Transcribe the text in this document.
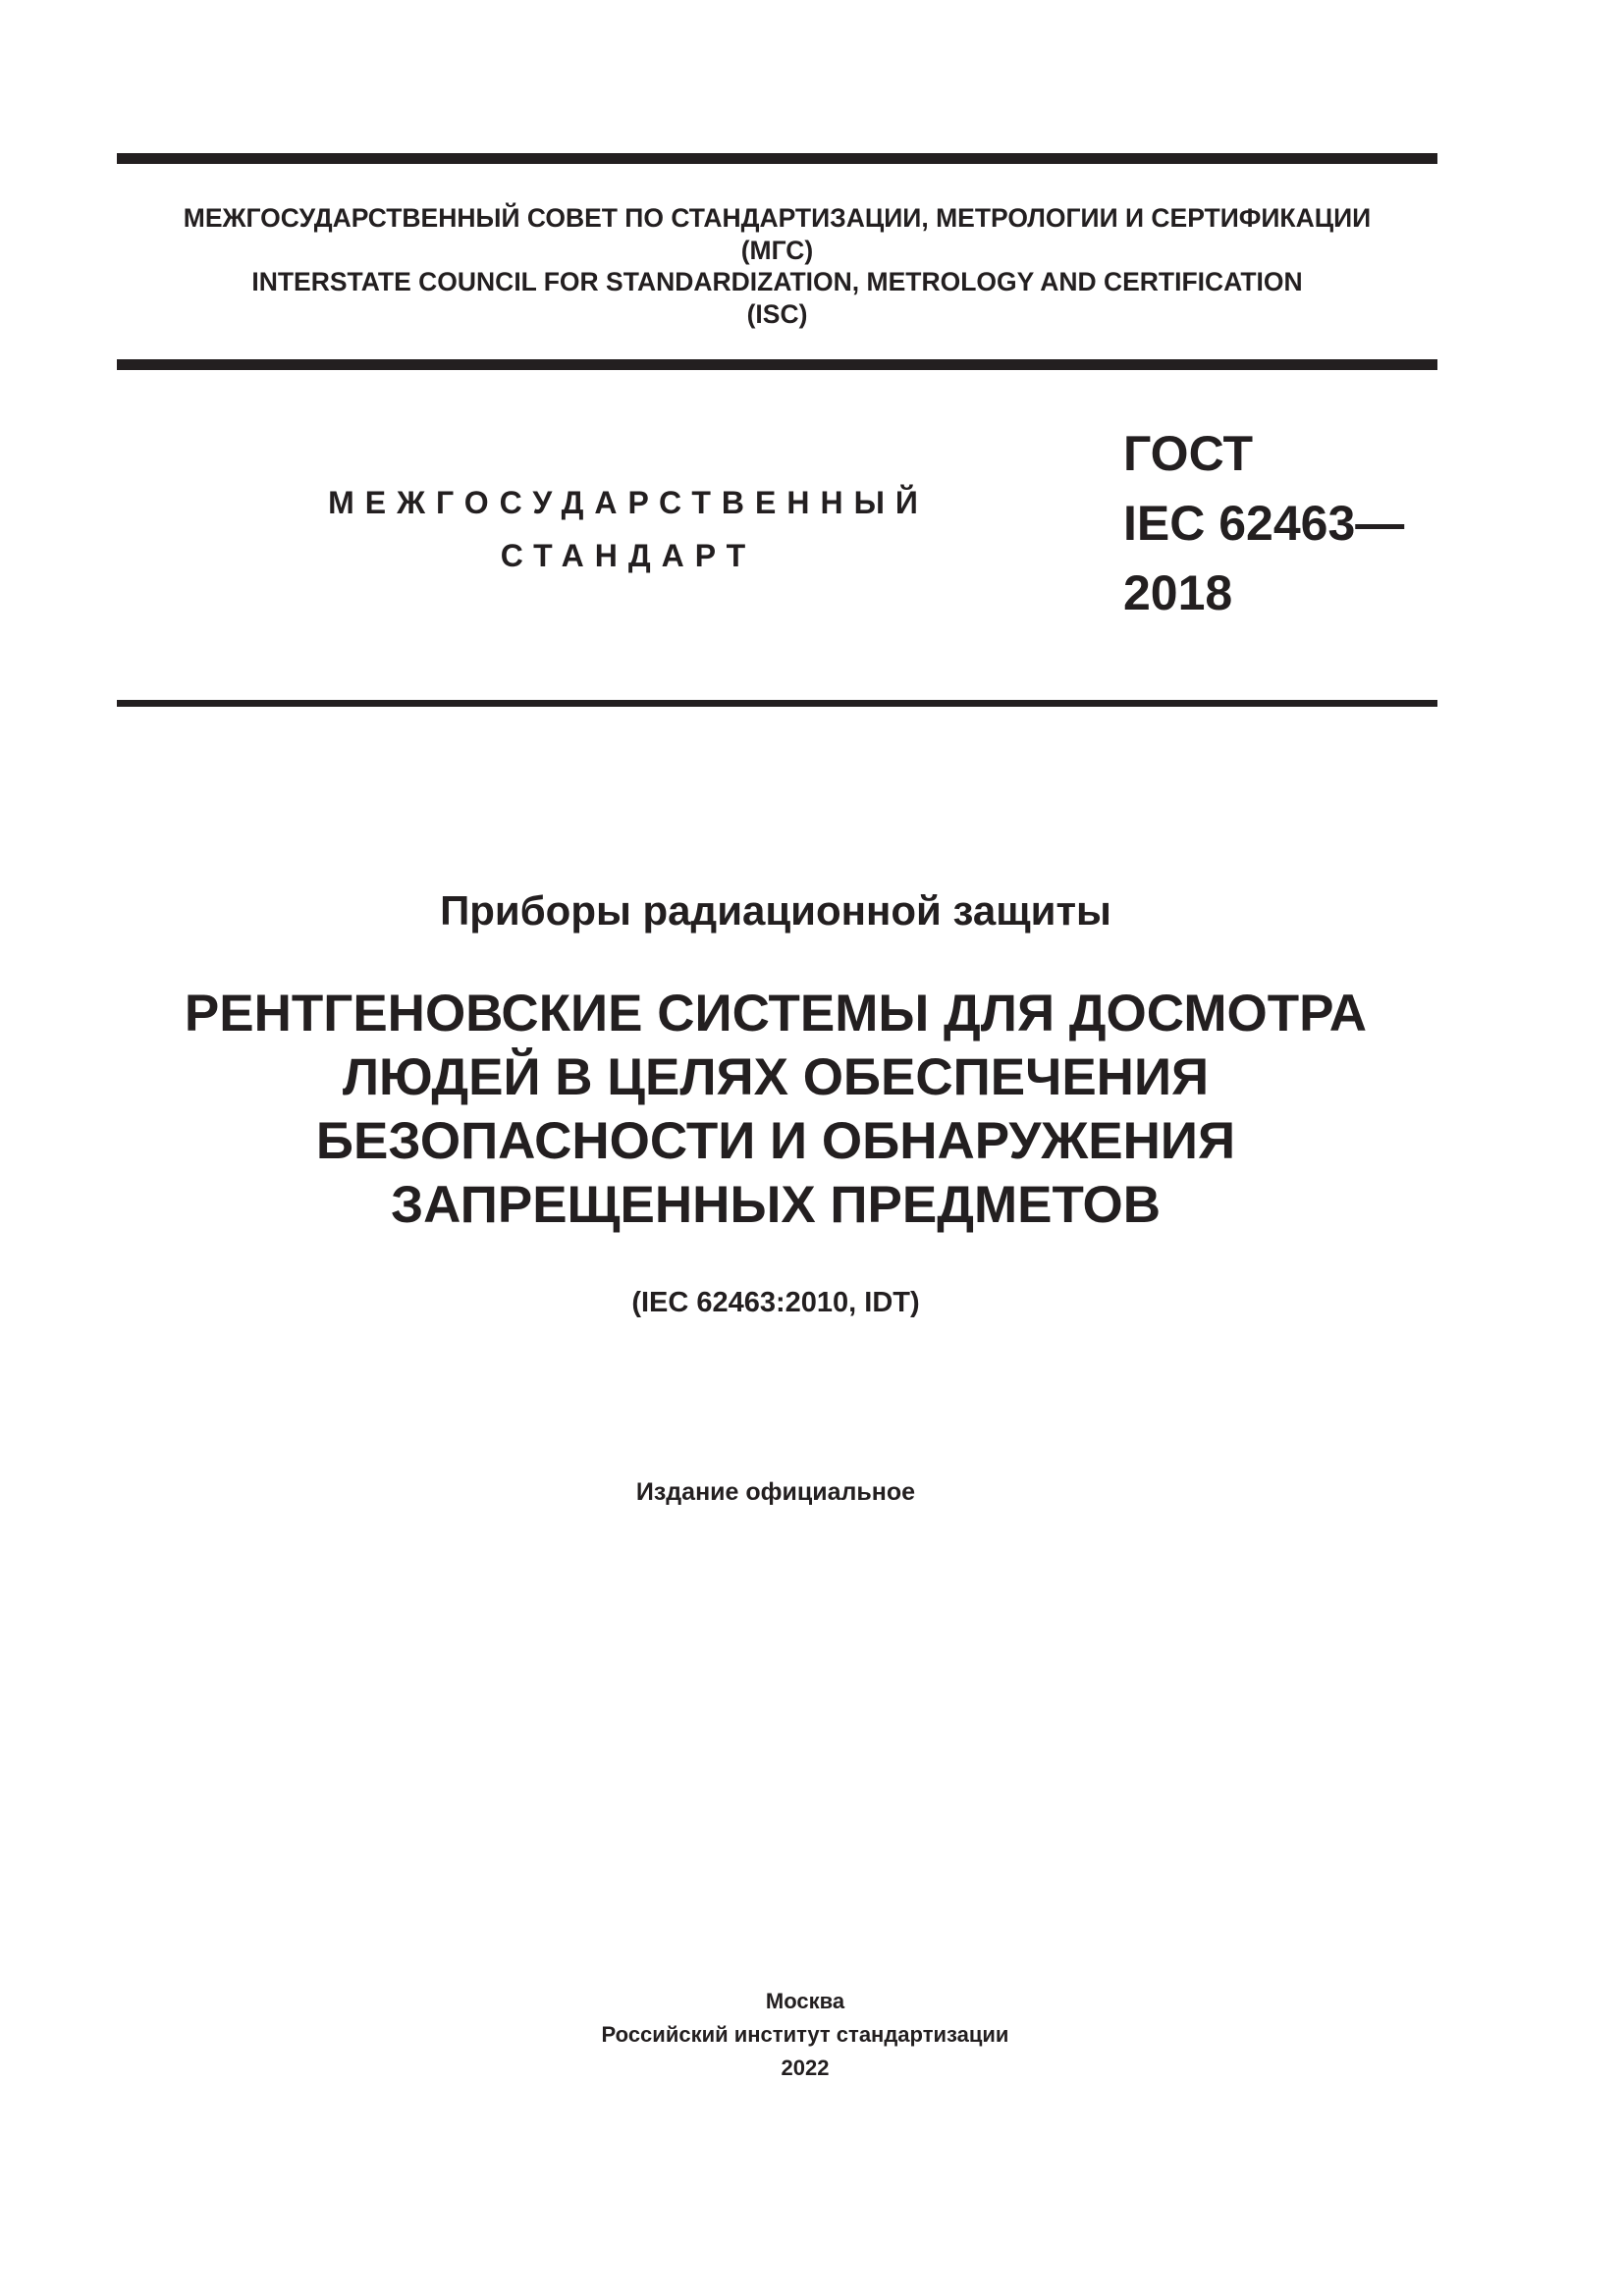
МЕЖГОСУДАРСТВЕННЫЙ СОВЕТ ПО СТАНДАРТИЗАЦИИ, МЕТРОЛОГИИ И СЕРТИФИКАЦИИ
(МГС)
INTERSTATE COUNCIL FOR STANDARDIZATION, METROLOGY AND CERTIFICATION
(ISC)
МЕЖГОСУДАРСТВЕННЫЙ
СТАНДАРТ
ГОСТ
IEC 62463—
2018
Приборы радиационной защиты
РЕНТГЕНОВСКИЕ СИСТЕМЫ ДЛЯ ДОСМОТРА
ЛЮДЕЙ В ЦЕЛЯХ ОБЕСПЕЧЕНИЯ
БЕЗОПАСНОСТИ И ОБНАРУЖЕНИЯ
ЗАПРЕЩЕННЫХ ПРЕДМЕТОВ
(IEC 62463:2010, IDT)
Издание официальное
Москва
Российский институт стандартизации
2022
